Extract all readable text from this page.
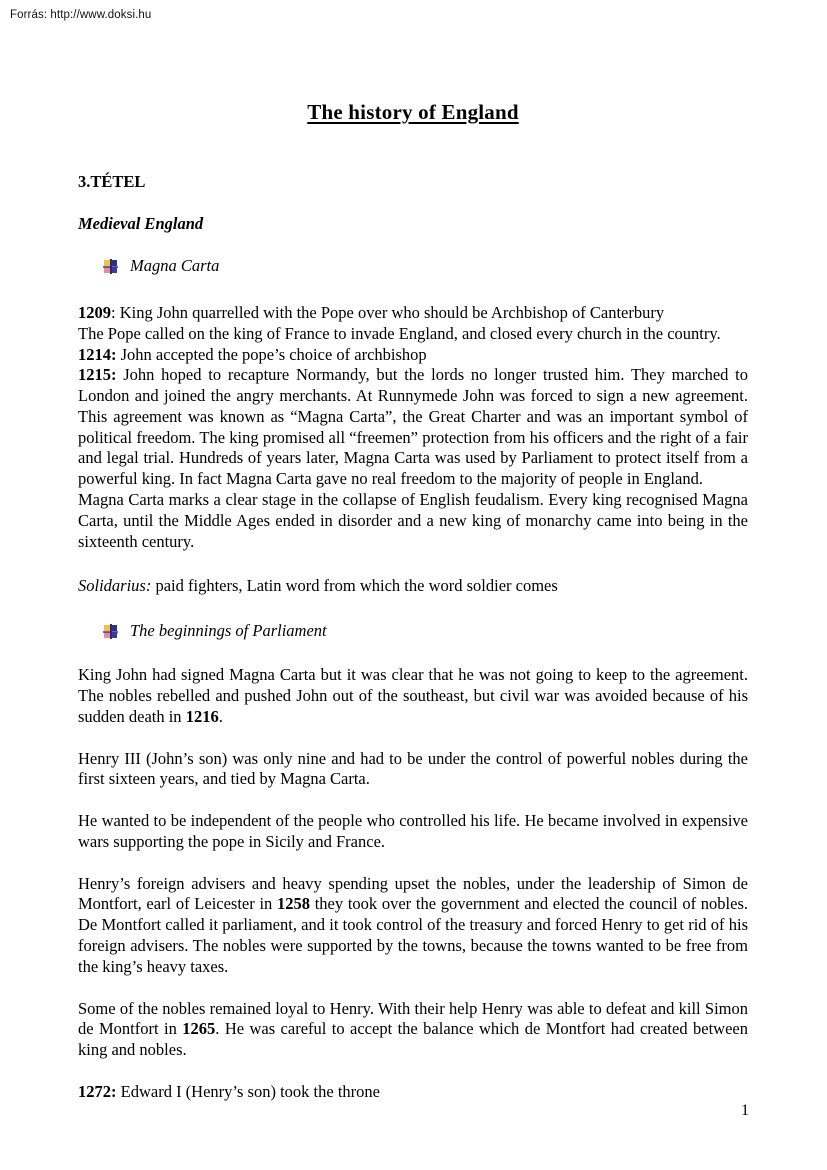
Forrás: http://www.doksi.hu
The history of England
3.TÉTEL
Medieval England
Magna Carta

1209: King John quarrelled with the Pope over who should be Archbishop of Canterbury
The Pope called on the king of France to invade England, and closed every church in the country.
1214: John accepted the pope’s choice of archbishop

1215: John hoped to recapture Normandy, but the lords no longer trusted him. They marched to London and joined the angry merchants. At Runnymede John was forced to sign a new agreement. This agreement was known as “Magna Carta”, the Great Charter and was an important symbol of political freedom. The king promised all “freemen” protection from his officers and the right of a fair and legal trial. Hundreds of years later, Magna Carta was used by Parliament to protect itself from a powerful king. In fact Magna Carta gave no real freedom to the majority of people in England.

Magna Carta marks a clear stage in the collapse of English feudalism. Every king recognised Magna Carta, until the Middle Ages ended in disorder and a new king of monarchy came into being in the sixteenth century.

Solidarius: paid fighters, Latin word from which the word soldier comes

The beginnings of Parliament

King John had signed Magna Carta but it was clear that he was not going to keep to the agreement. The nobles rebelled and pushed John out of the southeast, but civil war was avoided because of his sudden death in 1216.

Henry III (John’s son) was only nine and had to be under the control of powerful nobles during the first sixteen years, and tied by Magna Carta.

He wanted to be independent of the people who controlled his life. He became involved in expensive wars supporting the pope in Sicily and France.

Henry’s foreign advisers and heavy spending upset the nobles, under the leadership of Simon de Montfort, earl of Leicester in 1258 they took over the government and elected the council of nobles. De Montfort called it parliament, and it took control of the treasury and forced Henry to get rid of his foreign advisers. The nobles were supported by the towns, because the towns wanted to be free from the king’s heavy taxes.

Some of the nobles remained loyal to Henry. With their help Henry was able to defeat and kill Simon de Montfort in 1265. He was careful to accept the balance which de Montfort had created between king and nobles.

1272: Edward I (Henry’s son) took the throne

1
